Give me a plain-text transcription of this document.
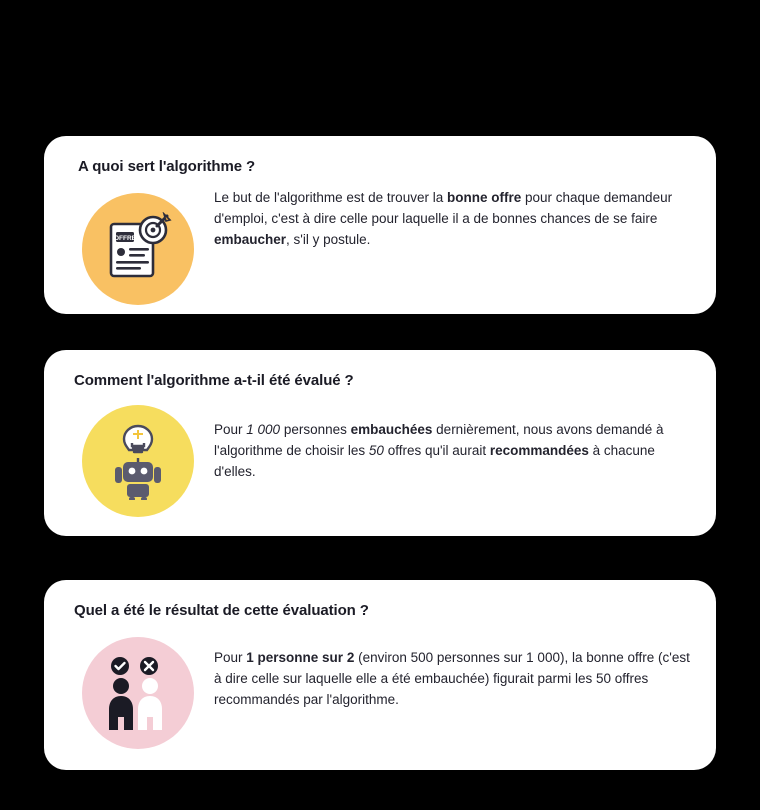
A quoi sert l'algorithme ?
OFFRE

Le but de l'algorithme est de trouver la bonne offre pour chaque demandeur d'emploi, c'est à dire celle pour laquelle il a de bonnes chances de se faire embaucher, s'il y postule.

Comment l'algorithme a-t-il été évalué ?

Pour 1 000 personnes embauchées dernièrement, nous avons demandé à l'algorithme de choisir les 50 offres qu'il aurait recommandées à chacune d'elles.

Quel a été le résultat de cette évaluation ?

Pour 1 personne sur 2 (environ 500 personnes sur 1 000), la bonne offre (c'est à dire celle sur laquelle elle a été embauchée) figurait parmi les 50 offres recommandés par l'algorithme.
